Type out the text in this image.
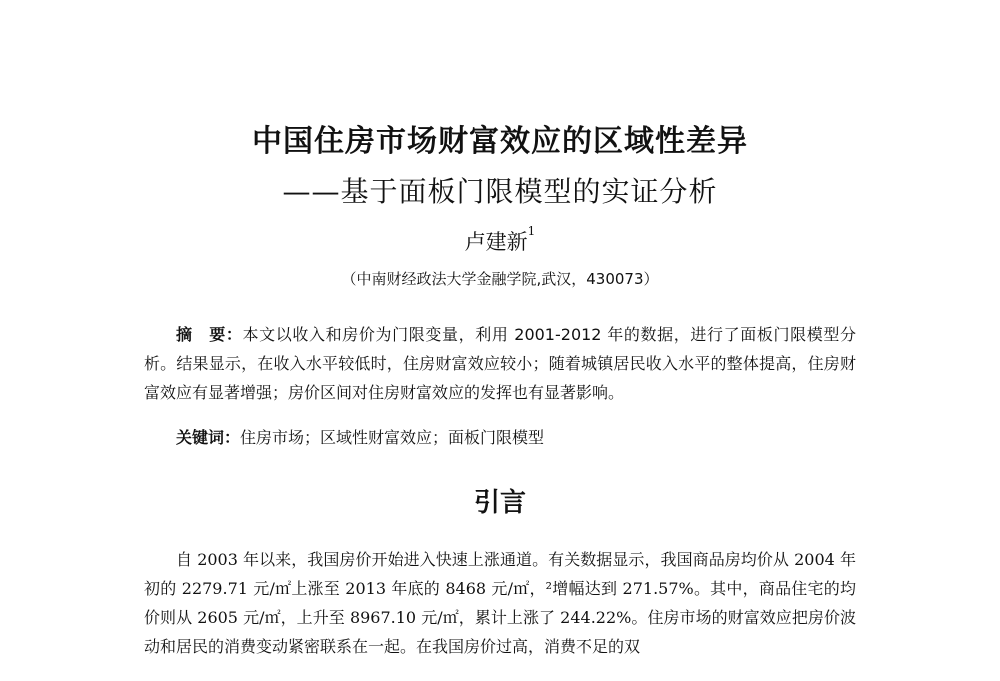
中国住房市场财富效应的区域性差异
——基于面板门限模型的实证分析
卢建新$^1$
（中南财经政法大学金融学院,武汉，430073）
摘　要：本文以收入和房价为门限变量，利用 2001-2012 年的数据，进行了面板门限模型分析。结果显示，在收入水平较低时，住房财富效应较小；随着城镇居民收入水平的整体提高，住房财富效应有显著增强；房价区间对住房财富效应的发挥也有显著影响。
关键词：住房市场；区域性财富效应；面板门限模型
引言
自 2003 年以来，我国房价开始进入快速上涨通道。有关数据显示，我国商品房均价从 2004 年初的 2279.71 元/㎡上涨至 2013 年底的 8468 元/㎡，²增幅达到 271.57%。其中，商品住宅的均价则从 2605 元/㎡，上升至 8967.10 元/㎡，累计上涨了 244.22%。住房市场的财富效应把房价波动和居民的消费变动紧密联系在一起。在我国房价过高，消费不足的双
